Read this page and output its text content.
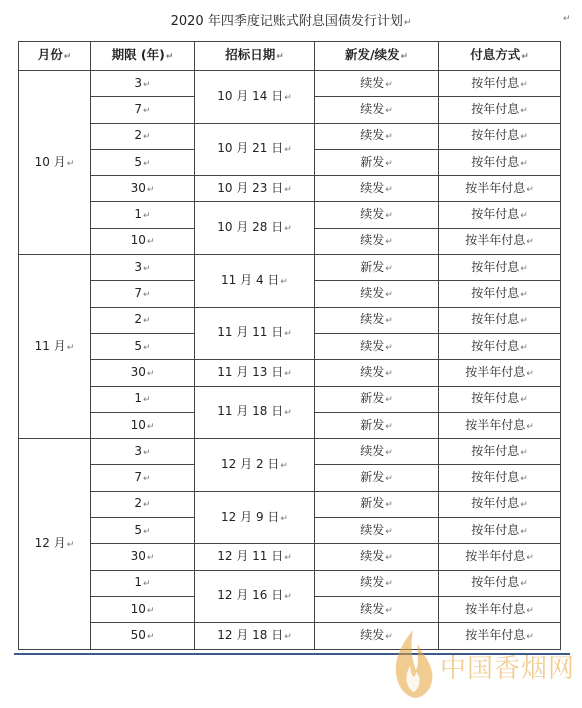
2020 年四季度记账式附息国债发行计划↵	↵
月份↵	期限 (年)↵	招标日期↵	新发/续发↵	付息方式↵
10 月↵	3↵	10 月 14 日↵	续发↵	按年付息↵
	7↵		续发↵	按年付息↵
	2↵	10 月 21 日↵	续发↵	按年付息↵
	5↵		新发↵	按年付息↵
	30↵	10 月 23 日↵	续发↵	按半年付息↵
	1↵	10 月 28 日↵	续发↵	按年付息↵
	10↵		续发↵	按半年付息↵
11 月↵	3↵	11 月 4 日↵	新发↵	按年付息↵
	7↵		续发↵	按年付息↵
	2↵	11 月 11 日↵	续发↵	按年付息↵
	5↵		续发↵	按年付息↵
	30↵	11 月 13 日↵	续发↵	按半年付息↵
	1↵	11 月 18 日↵	新发↵	按年付息↵
	10↵		新发↵	按半年付息↵
12 月↵	3↵	12 月 2 日↵	续发↵	按年付息↵
	7↵		新发↵	按年付息↵
	2↵	12 月 9 日↵	新发↵	按年付息↵
	5↵		续发↵	按年付息↵
	30↵	12 月 11 日↵	续发↵	按半年付息↵
	1↵	12 月 16 日↵	续发↵	按年付息↵
	10↵		续发↵	按半年付息↵
	50↵	12 月 18 日↵	续发↵	按半年付息↵
中国香烟网
